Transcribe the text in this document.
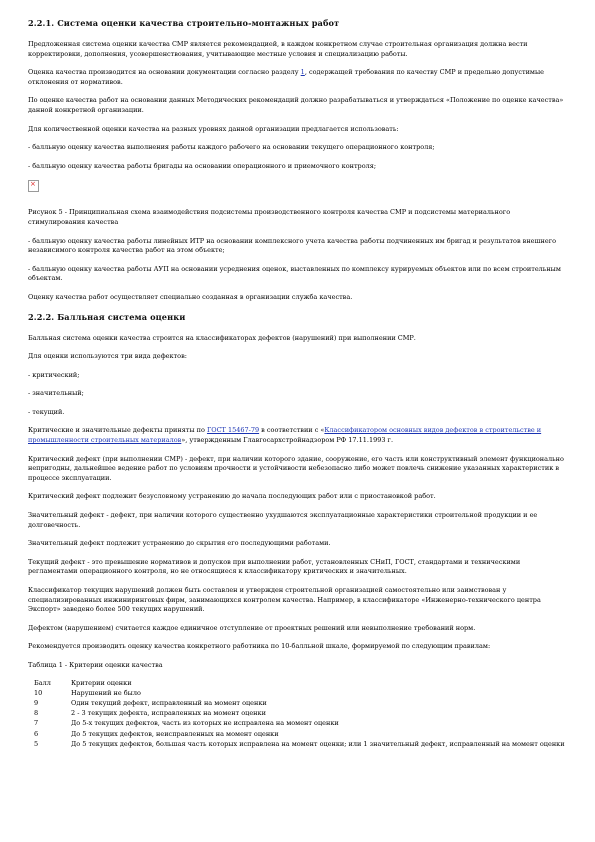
2.2.1. Система оценки качества строительно-монтажных работ
Предложенная система оценки качества СМР является рекомендацией, в каждом конкретном случае строительная организация должна вести корректировки, дополнения, усовершенствования, учитывающие местные условия и специализацию работы.
Оценка качества производится на основании документации согласно разделу 1, содержащей требования по качеству СМР и предельно допустимые отклонения от нормативов.
По оценке качества работ на основании данных Методических рекомендаций должно разрабатываться и утверждаться «Положение по оценке качества» данной конкретной организации.
Для количественной оценки качества на разных уровнях данной организации предлагается использовать:
- балльную оценку качества выполнения работы каждого рабочего на основании текущего операционного контроля;
- балльную оценку качества работы бригады на основании операционного и приемочного контроля;
×
Рисунок 5 - Принципиальная схема взаимодействия подсистемы производственного контроля качества СМР и подсистемы материального стимулирования качества
- балльную оценку качества работы линейных ИТР на основании комплексного учета качества работы подчиненных им бригад и результатов внешнего независимого контроля качества работ на этом объекте;
- балльную оценку качества работы АУП на основании усреднения оценок, выставленных по комплексу курируемых объектов или по всем строительным объектам.
Оценку качества работ осуществляет специально созданная в организации служба качества.
2.2.2. Балльная система оценки
Балльная система оценки качества строится на классификаторах дефектов (нарушений) при выполнении СМР.
Для оценки используются три вида дефектов:
- критический;
- значительный;
- текущий.
Критические и значительные дефекты приняты по ГОСТ 15467-79 в соответствии с «Классификатором основных видов дефектов в строительстве и промышленности строительных материалов», утвержденным Главгосархстройнадзором РФ 17.11.1993 г.
Критический дефект (при выполнении СМР) - дефект, при наличии которого здание, сооружение, его часть или конструктивный элемент функционально непригодны, дальнейшее ведение работ по условиям прочности и устойчивости небезопасно либо может повлечь снижение указанных характеристик в процессе эксплуатации.
Критический дефект подлежит безусловному устранению до начала последующих работ или с приостановкой работ.
Значительный дефект - дефект, при наличии которого существенно ухудшаются эксплуатационные характеристики строительной продукции и ее долговечность.
Значительный дефект подлежит устранению до скрытия его последующими работами.
Текущий дефект - это превышение нормативов и допусков при выполнении работ, установленных СНиП, ГОСТ, стандартами и техническими регламентами операционного контроля, но не относящиеся к классификатору критических и значительных.
Классификатор текущих нарушений должен быть составлен и утвержден строительной организацией самостоятельно или заимствован у специализированных инжиниринговых фирм, занимающихся контролем качества. Например, в классификаторе «Инженерно-технического центра Экспорт» заведено более 500 текущих нарушений.
Дефектом (нарушением) считается каждое единичное отступление от проектных решений или невыполнение требований норм.
Рекомендуется производить оценку качества конкретного работника по 10-балльной шкале, формируемой по следующим правилам:
Таблица 1 - Критерии оценки качества
Балл	Критерии оценки
10	Нарушений не было
9	Один текущий дефект, исправленный на момент оценки
8	2 - 3 текущих дефекта, исправленных на момент оценки
7	До 5-х текущих дефектов, часть из которых не исправлена на момент оценки
6	До 5 текущих дефектов, неисправленных на момент оценки
5	До 5 текущих дефектов, большая часть которых исправлена на момент оценки; или 1 значительный дефект, исправленный на момент оценки
